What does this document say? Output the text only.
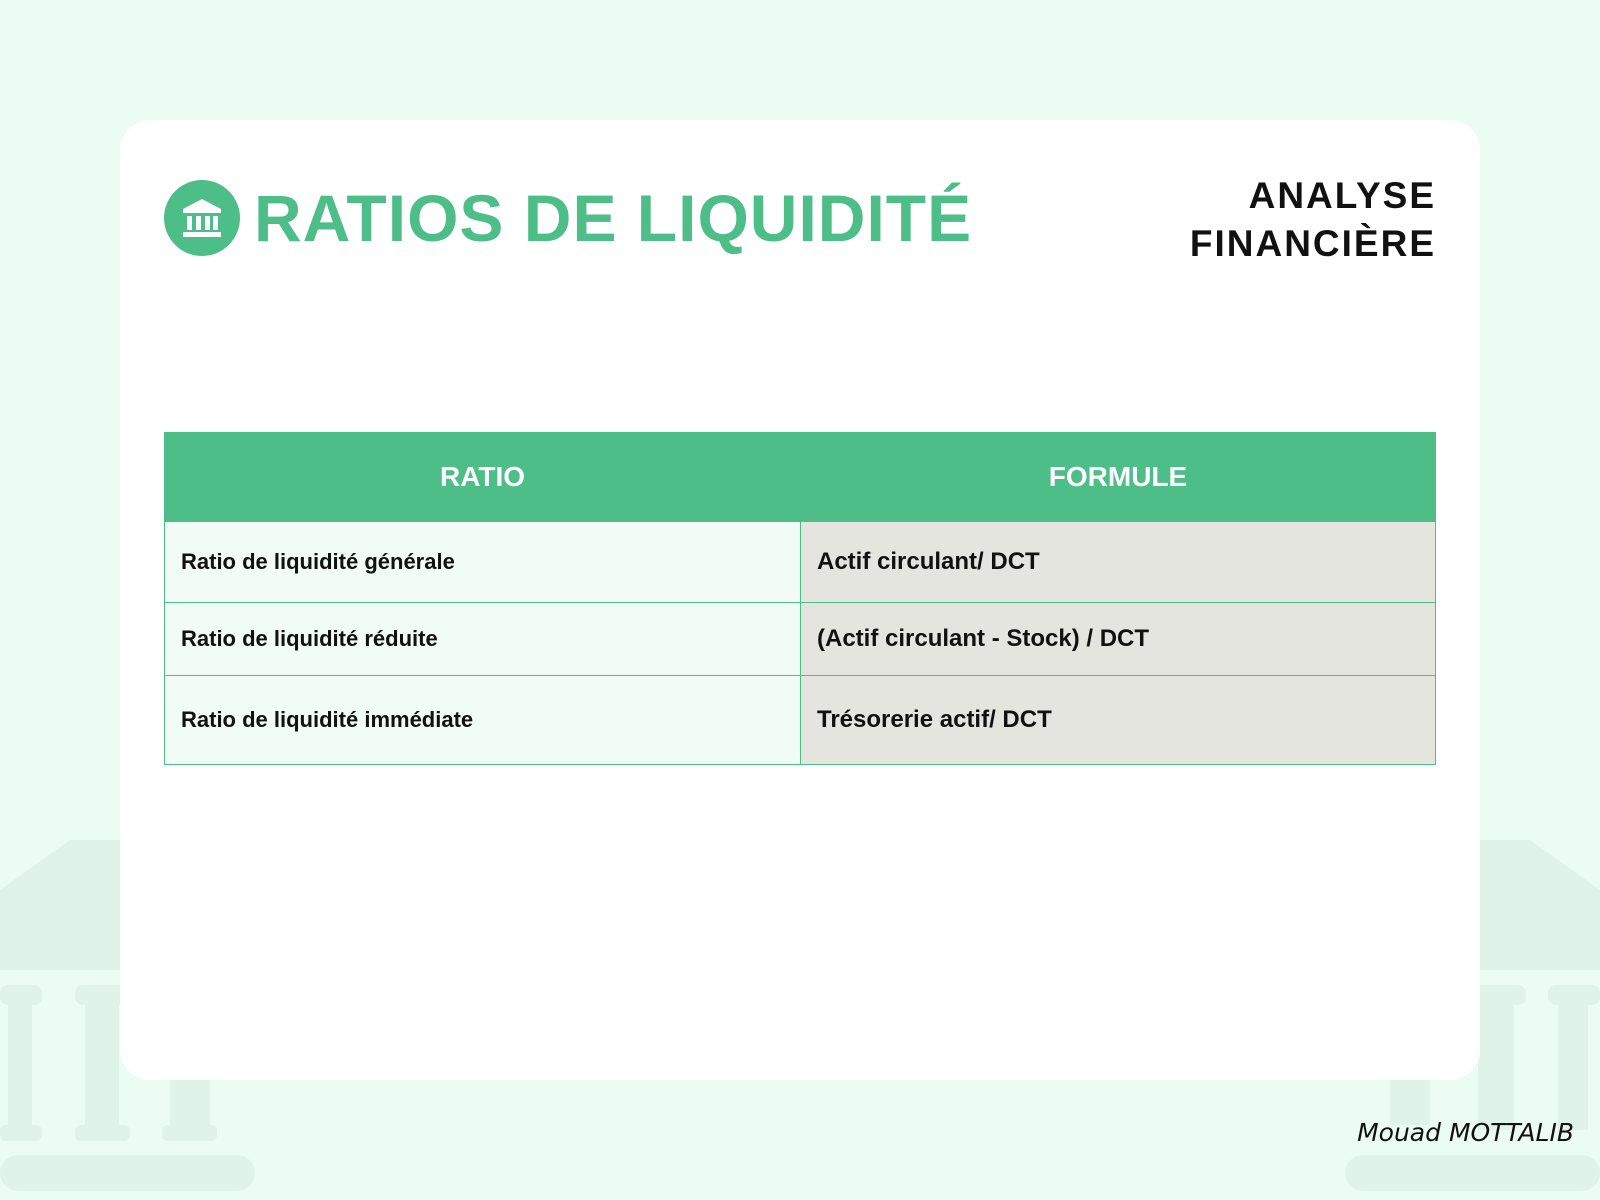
RATIOS DE LIQUIDITÉ	ANALYSE
FINANCIÈRE
RATIO	FORMULE
Ratio de liquidité générale	Actif circulant/ DCT
Ratio de liquidité réduite	(Actif circulant - Stock) / DCT
Ratio de liquidité immédiate	Trésorerie actif/ DCT
Mouad MOTTALIB
